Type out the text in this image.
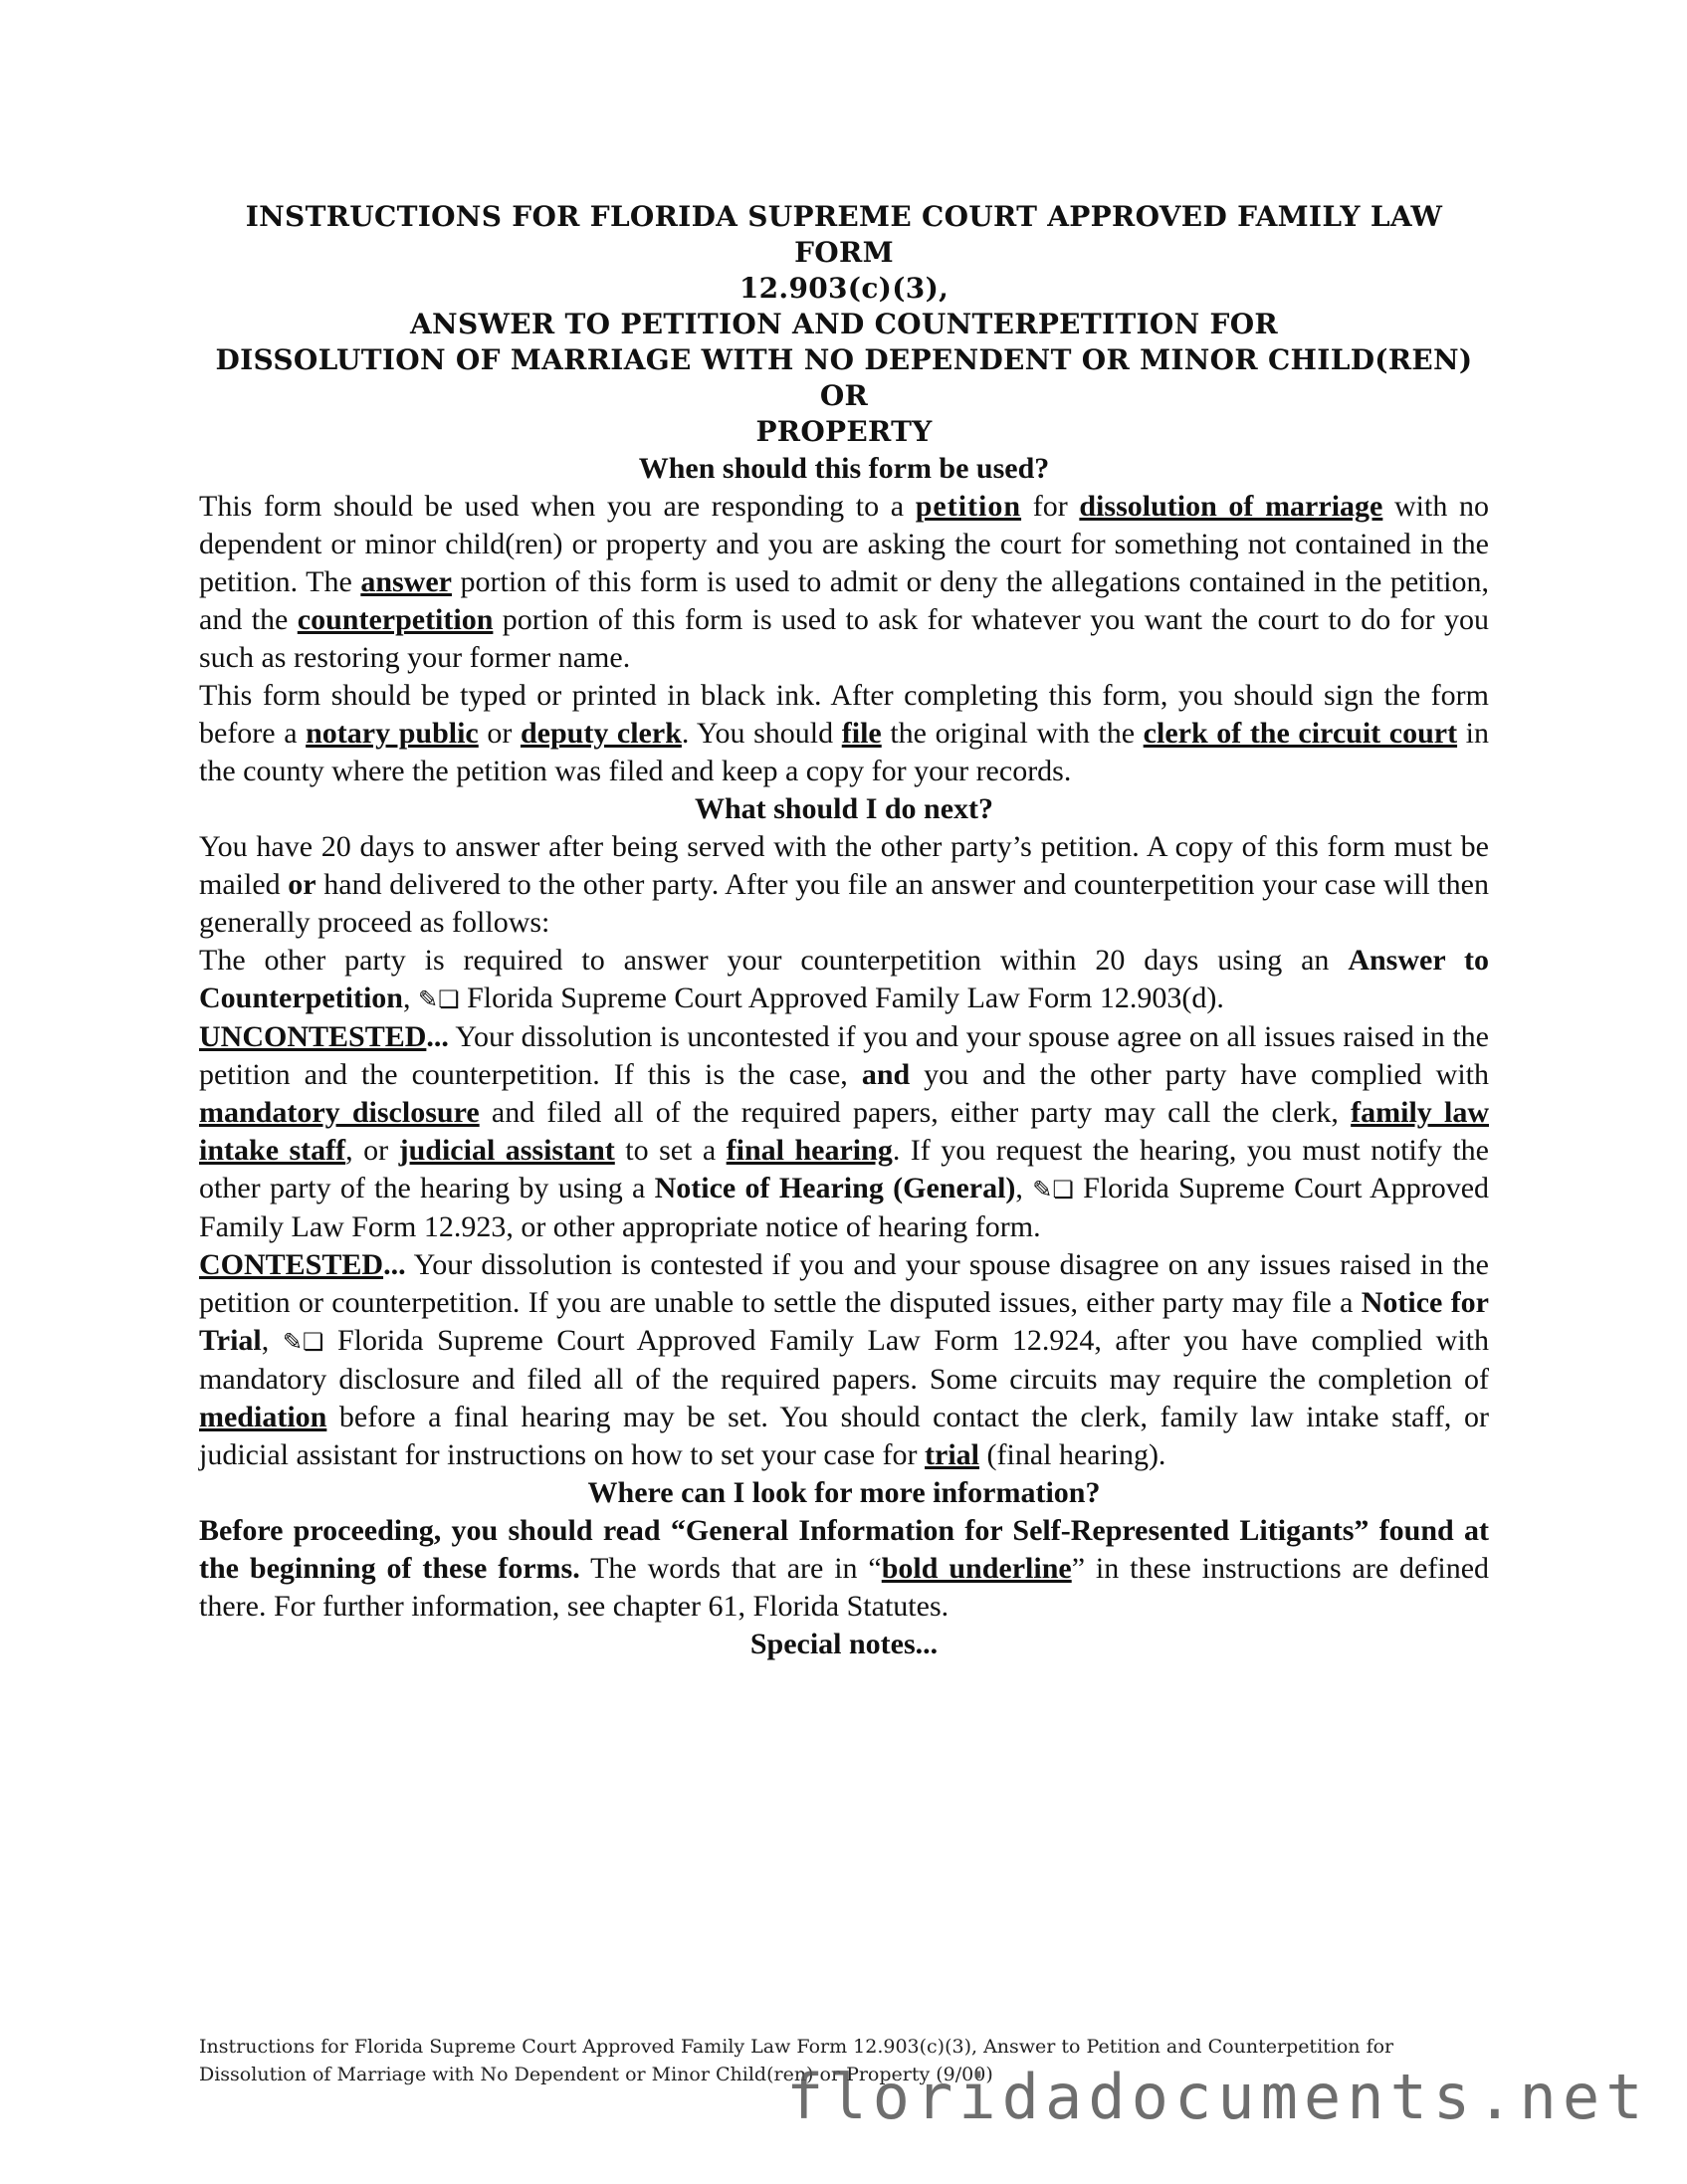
INSTRUCTIONS FOR FLORIDA SUPREME COURT APPROVED FAMILY LAW FORM
12.903(c)(3),
ANSWER TO PETITION AND COUNTERPETITION FOR
DISSOLUTION OF MARRIAGE WITH NO DEPENDENT OR MINOR CHILD(REN) OR
PROPERTY
When should this form be used?

This form should be used when you are responding to a petition for dissolution of marriage with no dependent or minor child(ren) or property and you are asking the court for something not contained in the petition. The answer portion of this form is used to admit or deny the allegations contained in the petition, and the counterpetition portion of this form is used to ask for whatever you want the court to do for you such as restoring your former name.

This form should be typed or printed in black ink. After completing this form, you should sign the form before a notary public or deputy clerk. You should file the original with the clerk of the circuit court in the county where the petition was filed and keep a copy for your records.

What should I do next?

You have 20 days to answer after being served with the other party’s petition. A copy of this form must be mailed or hand delivered to the other party. After you file an answer and counterpetition your case will then generally proceed as follows:

The other party is required to answer your counterpetition within 20 days using an Answer to Counterpetition, ✎❏ Florida Supreme Court Approved Family Law Form 12.903(d).

UNCONTESTED... Your dissolution is uncontested if you and your spouse agree on all issues raised in the petition and the counterpetition. If this is the case, and you and the other party have complied with mandatory disclosure and filed all of the required papers, either party may call the clerk, family law intake staff, or judicial assistant to set a final hearing. If you request the hearing, you must notify the other party of the hearing by using a Notice of Hearing (General), ✎❏ Florida Supreme Court Approved Family Law Form 12.923, or other appropriate notice of hearing form.

CONTESTED... Your dissolution is contested if you and your spouse disagree on any issues raised in the petition or counterpetition. If you are unable to settle the disputed issues, either party may file a Notice for Trial, ✎❏ Florida Supreme Court Approved Family Law Form 12.924, after you have complied with mandatory disclosure and filed all of the required papers. Some circuits may require the completion of mediation before a final hearing may be set. You should contact the clerk, family law intake staff, or judicial assistant for instructions on how to set your case for trial (final hearing).

Where can I look for more information?

Before proceeding, you should read “General Information for Self-Represented Litigants” found at the beginning of these forms. The words that are in “bold underline” in these instructions are defined there. For further information, see chapter 61, Florida Statutes.

Special notes...
Instructions for Florida Supreme Court Approved Family Law Form 12.903(c)(3), Answer to Petition and Counterpetition for
Dissolution of Marriage with No Dependent or Minor Child(ren) or Property (9/00)
floridadocuments.net
